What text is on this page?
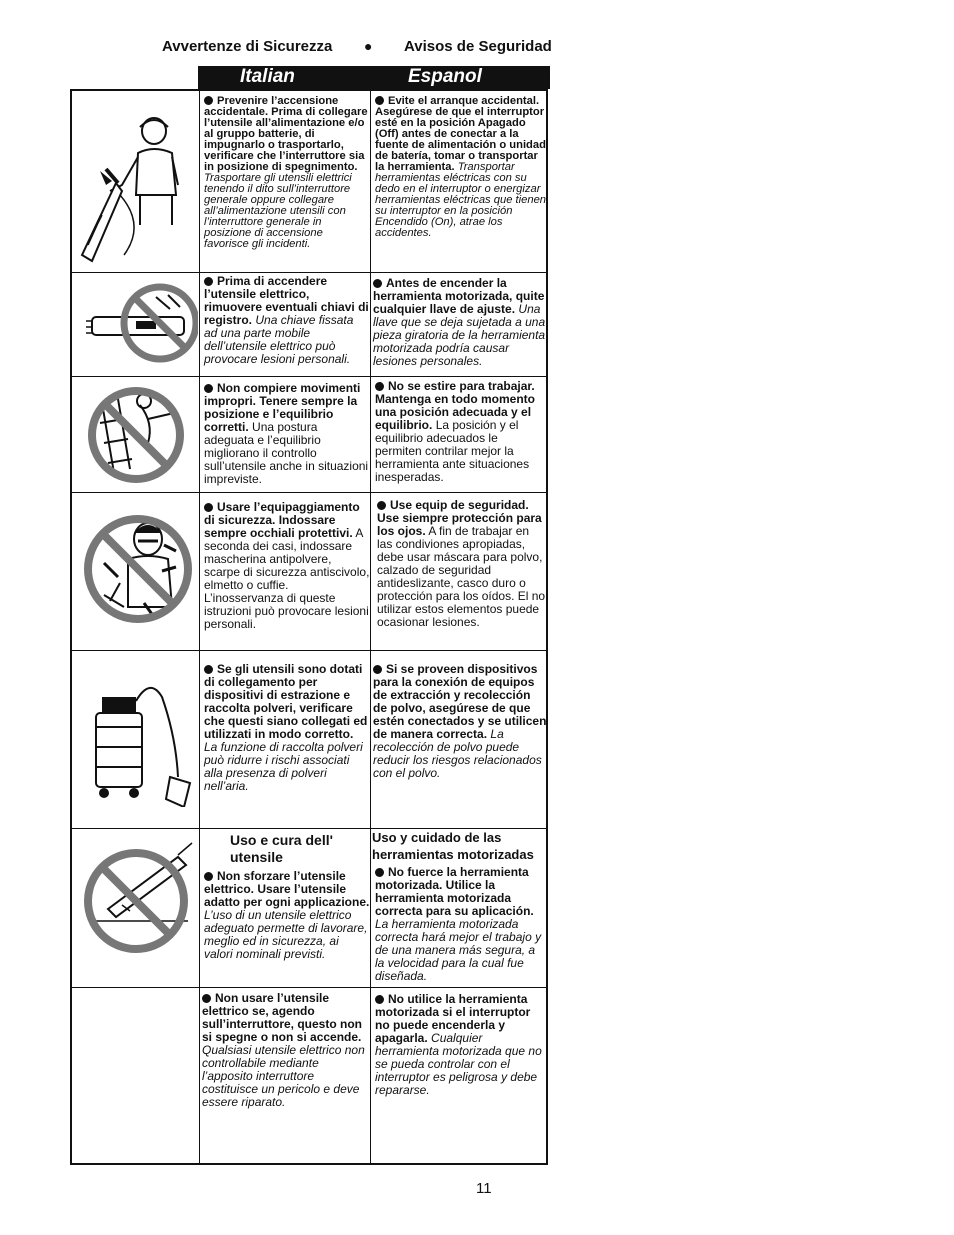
Avvertenze di Sicurezza ● Avisos de Seguridad
Italian	Espanol
Prevenire l’accensione accidentale. Prima di collegare l’utensile all’alimentazione e/o al gruppo batterie, di impugnarlo o trasportarlo, verificare che l’interruttore sia in posizione di spegnimento. Trasportare gli utensili elettrici tenendo il dito sull’interruttore generale oppure collegare all’alimentazione utensili con l’interruttore generale in posizione di accensione favorisce gli incidenti.
Evite el arranque accidental. Asegúrese de que el interruptor esté en la posición Apagado (Off) antes de conectar a la fuente de alimentación o unidad de batería, tomar o transportar la herramienta. Transportar herramientas eléctricas con su dedo en el interruptor o energizar herramientas eléctricas que tienen su interruptor en la posición Encendido (On), atrae los accidentes.
Prima di accendere l’utensile elettrico, rimuovere eventuali chiavi di registro. Una chiave fissata ad una parte mobile dell’utensile elettrico può provocare lesioni personali.
Antes de encender la herramienta motorizada, quite cualquier llave de ajuste. Una llave que se deja sujetada a una pieza giratoria de la herramienta motorizada podría causar lesiones personales.
Non compiere movimenti impropri. Tenere sempre la posizione e l’equilibrio corretti. Una postura adeguata e l’equilibrio migliorano il controllo sull’utensile anche in situazioni impreviste.
No se estire para trabajar. Mantenga en todo momento una posición adecuada y el equilibrio. La posición y el equilibrio adecuados le permiten contrilar mejor la herramienta ante situaciones inesperadas.
Usare l’equipaggiamento di sicurezza. Indossare sempre occhiali protettivi. A seconda dei casi, indossare mascherina antipolvere, scarpe di sicurezza antiscivolo, elmetto o cuffie. L’inosservanza di queste istruzioni può provocare lesioni personali.
Use equip de seguridad. Use siempre protección para los ojos. A fin de trabajar en las condiviones apropiadas, debe usar máscara para polvo, calzado de seguridad antideslizante, casco duro o protección para los oídos. El no utilizar estos elementos puede ocasionar lesiones.
Se gli utensili sono dotati di collegamento per dispositivi di estrazione e raccolta polveri, verificare che questi siano collegati ed utilizzati in modo corretto. La funzione di raccolta polveri può ridurre i rischi associati alla presenza di polveri nell’aria.
Si se proveen dispositivos para la conexión de equipos de extracción y recolección de polvo, asegúrese de que estén conectados y se utilicen de manera correcta. La recolección de polvo puede reducir los riesgos relacionados con el polvo.
Uso e cura dell' utensile
Uso y cuidado de las herramientas motorizadas
Non sforzare l’utensile elettrico. Usare l’utensile adatto per ogni applicazione. L’uso di un utensile elettrico adeguato permette di lavorare, meglio ed in sicurezza, ai valori nominali previsti.
No fuerce la herramienta motorizada. Utilice la herramienta motorizada correcta para su aplicación. La herramienta motorizada correcta hará mejor el trabajo y de una manera más segura, a la velocidad para la cual fue diseñada.
Non usare l’utensile elettrico se, agendo sull’interruttore, questo non si spegne o non si accende. Qualsiasi utensile elettrico non controllabile mediante l’apposito interruttore costituisce un pericolo e deve essere riparato.
No utilice la herramienta motorizada si el interruptor no puede encenderla y apagarla. Cualquier herramienta motorizada que no se pueda controlar con el interruptor es peligrosa y debe repararse.
11
